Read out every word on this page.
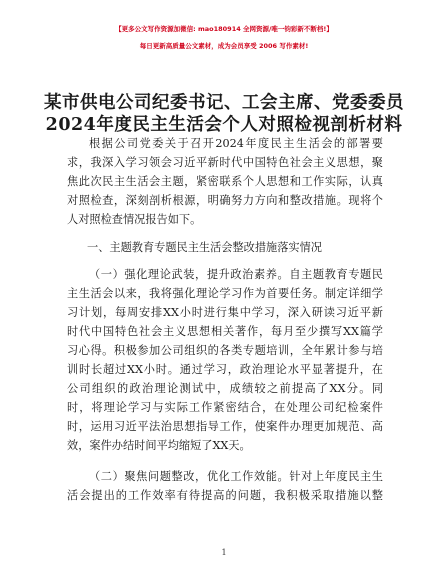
【更多公文写作资源加微信: mao180914 全网资源/唯一钧彩新不断档!】
每日更新高质量公文素材，成为会员享受 2006 写作素材!
某市供电公司纪委书记、工会主席、党委委员
2024年度民主生活会个人对照检视剖析材料
根据公司党委关于召开2024年度民主生活会的部署要
求，我深入学习领会习近平新时代中国特色社会主义思想，聚
焦此次民主生活会主题，紧密联系个人思想和工作实际，认真
对照检查，深刻剖析根源，明确努力方向和整改措施。现将个
人对照检查情况报告如下。
一、主题教育专题民主生活会整改措施落实情况
（一）强化理论武装，提升政治素养。自主题教育专题民
主生活会以来，我将强化理论学习作为首要任务。制定详细学
习计划，每周安排XX小时进行集中学习，深入研读习近平新
时代中国特色社会主义思想相关著作，每月至少撰写XX篇学
习心得。积极参加公司组织的各类专题培训，全年累计参与培
训时长超过XX小时。通过学习，政治理论水平显著提升，在
公司组织的政治理论测试中，成绩较之前提高了XX分。同
时，将理论学习与实际工作紧密结合，在处理公司纪检案件
时，运用习近平法治思想指导工作，使案件办理更加规范、高
效，案件办结时间平均缩短了XX天。
（二）聚焦问题整改，优化工作效能。针对上年度民主生
活会提出的工作效率有待提高的问题，我积极采取措施以整
1
